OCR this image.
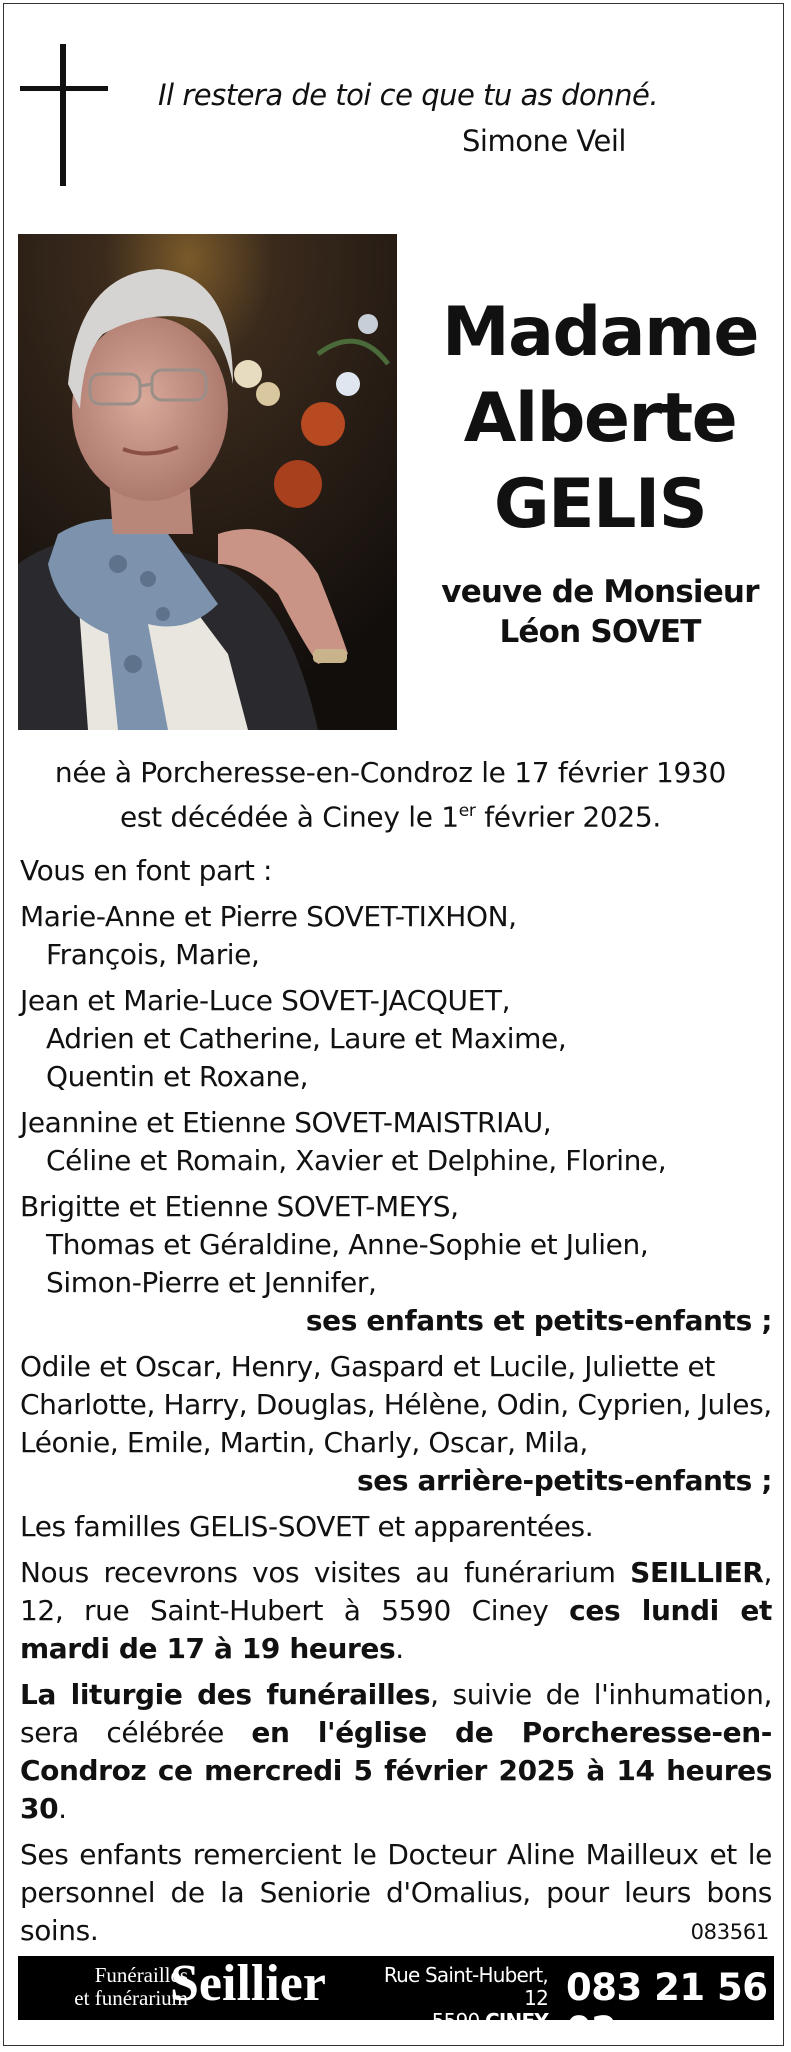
Il restera de toi ce que tu as donné.
Simone Veil
Madame
Alberte
GELIS
veuve de Monsieur
Léon SOVET
née à Porcheresse-en-Condroz le 17 février 1930
est décédée à Ciney le 1er février 2025.

Vous en font part :

Marie-Anne et Pierre SOVET-TIXHON,

François, Marie,

Jean et Marie-Luce SOVET-JACQUET,

Adrien et Catherine, Laure et Maxime,

Quentin et Roxane,

Jeannine et Etienne SOVET-MAISTRIAU,

Céline et Romain, Xavier et Delphine, Florine,

Brigitte et Etienne SOVET-MEYS,

Thomas et Géraldine, Anne-Sophie et Julien,

Simon-Pierre et Jennifer,

ses enfants et petits-enfants ;

Odile et Oscar, Henry, Gaspard et Lucile, Juliette et Charlotte, Harry, Douglas, Hélène, Odin, Cyprien, Jules, Léonie, Emile, Martin, Charly, Oscar, Mila,

ses arrière-petits-enfants ;

Les familles GELIS-SOVET et apparentées.

Nous recevrons vos visites au funérarium SEILLIER, 12, rue Saint-Hubert à 5590 Ciney ces lundi et mardi de 17 à 19 heures.

La liturgie des funérailles, suivie de l'inhumation, sera célébrée en l'église de Porcheresse-en-Condroz ce mercredi 5 février 2025 à 14 heures 30.

Ses enfants remercient le Docteur Aline Mailleux et le personnel de la Seniorie d'Omalius, pour leurs bons soins.	083561
Funérailles
et funérarium
Seillier	Rue Saint-Hubert, 12
5590 CINEY
083 21 56 02
